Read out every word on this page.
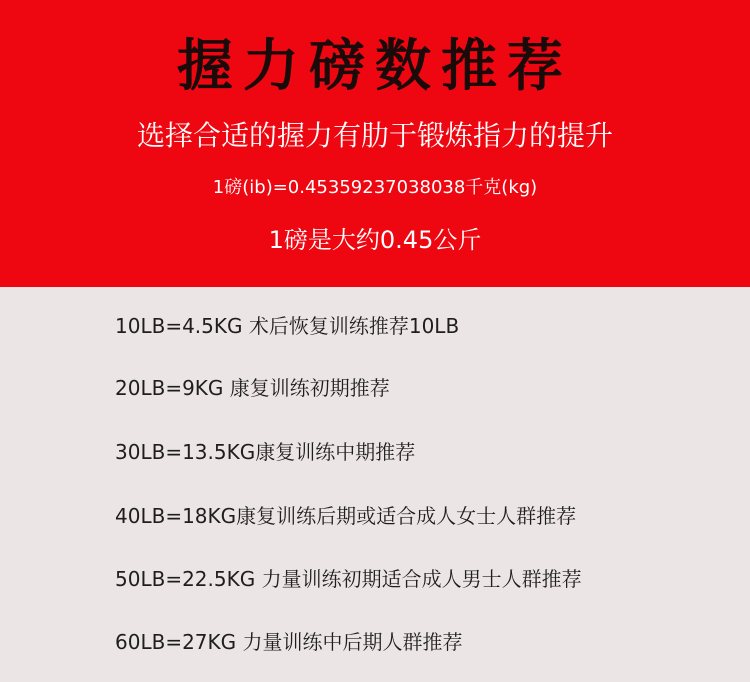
握力磅数推荐
选择合适的握力有肋于锻炼指力的提升
1磅(ib)=0.45359237038038千克(kg)
1磅是大约0.45公斤
10LB=4.5KG 术后恢复训练推荐10LB
20LB=9KG 康复训练初期推荐
30LB=13.5KG康复训练中期推荐
40LB=18KG康复训练后期或适合成人女士人群推荐
50LB=22.5KG 力量训练初期适合成人男士人群推荐
60LB=27KG 力量训练中后期人群推荐
